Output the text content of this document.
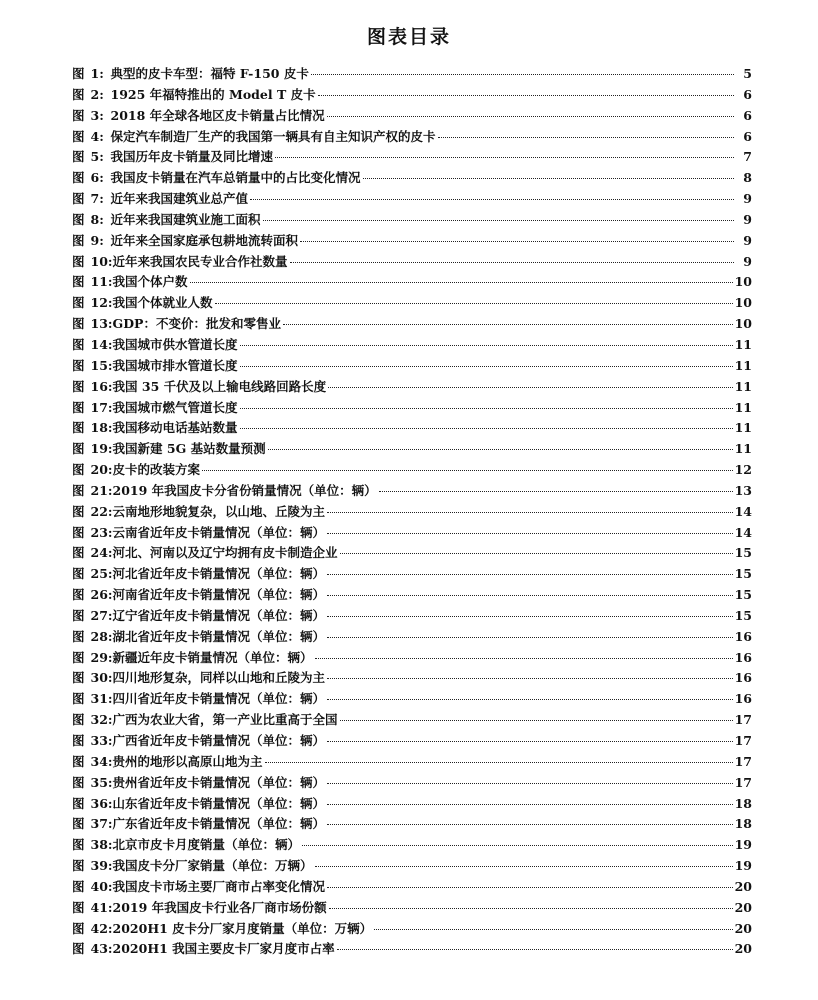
图表目录
图 1: 典型的皮卡车型：福特 F-150 皮卡	5
图 2: 1925 年福特推出的 Model T 皮卡	6
图 3: 2018 年全球各地区皮卡销量占比情况	6
图 4: 保定汽车制造厂生产的我国第一辆具有自主知识产权的皮卡	6
图 5: 我国历年皮卡销量及同比增速	7
图 6: 我国皮卡销量在汽车总销量中的占比变化情况	8
图 7: 近年来我国建筑业总产值	9
图 8: 近年来我国建筑业施工面积	9
图 9: 近年来全国家庭承包耕地流转面积	9
图 10: 近年来我国农民专业合作社数量	9
图 11: 我国个体户数	10
图 12: 我国个体就业人数	10
图 13: GDP：不变价：批发和零售业	10
图 14: 我国城市供水管道长度	11
图 15: 我国城市排水管道长度	11
图 16: 我国 35 千伏及以上输电线路回路长度	11
图 17: 我国城市燃气管道长度	11
图 18: 我国移动电话基站数量	11
图 19: 我国新建 5G 基站数量预测	11
图 20: 皮卡的改装方案	12
图 21: 2019 年我国皮卡分省份销量情况（单位：辆）	13
图 22: 云南地形地貌复杂，以山地、丘陵为主	14
图 23: 云南省近年皮卡销量情况（单位：辆）	14
图 24: 河北、河南以及辽宁均拥有皮卡制造企业	15
图 25: 河北省近年皮卡销量情况（单位：辆）	15
图 26: 河南省近年皮卡销量情况（单位：辆）	15
图 27: 辽宁省近年皮卡销量情况（单位：辆）	15
图 28: 湖北省近年皮卡销量情况（单位：辆）	16
图 29: 新疆近年皮卡销量情况（单位：辆）	16
图 30: 四川地形复杂，同样以山地和丘陵为主	16
图 31: 四川省近年皮卡销量情况（单位：辆）	16
图 32: 广西为农业大省，第一产业比重高于全国	17
图 33: 广西省近年皮卡销量情况（单位：辆）	17
图 34: 贵州的地形以高原山地为主	17
图 35: 贵州省近年皮卡销量情况（单位：辆）	17
图 36: 山东省近年皮卡销量情况（单位：辆）	18
图 37: 广东省近年皮卡销量情况（单位：辆）	18
图 38: 北京市皮卡月度销量（单位：辆）	19
图 39: 我国皮卡分厂家销量（单位：万辆）	19
图 40: 我国皮卡市场主要厂商市占率变化情况	20
图 41: 2019 年我国皮卡行业各厂商市场份额	20
图 42: 2020H1 皮卡分厂家月度销量（单位：万辆）	20
图 43: 2020H1 我国主要皮卡厂家月度市占率	20
